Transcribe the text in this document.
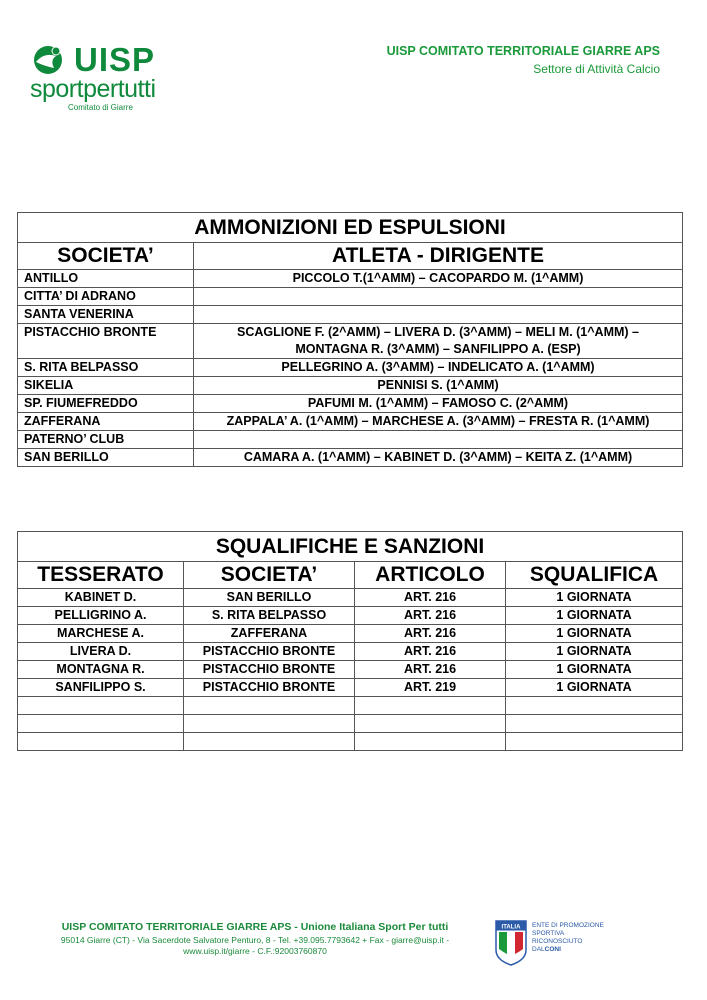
UISP
sportpertutti
Comitato di Giarre
UISP COMITATO TERRITORIALE GIARRE APS
Settore di Attività Calcio
AMMONIZIONI ED ESPULSIONI	
SOCIETA’	ATLETA - DIRIGENTE
ANTILLO	PICCOLO T.(1^AMM) – CACOPARDO M. (1^AMM)
CITTA’ DI ADRANO	
SANTA VENERINA	
PISTACCHIO BRONTE	SCAGLIONE F. (2^AMM) – LIVERA D. (3^AMM) – MELI M. (1^AMM) – MONTAGNA R. (3^AMM) – SANFILIPPO A. (ESP)
S. RITA BELPASSO	PELLEGRINO A. (3^AMM) – INDELICATO A. (1^AMM)
SIKELIA	PENNISI S. (1^AMM)
SP. FIUMEFREDDO	PAFUMI M. (1^AMM) – FAMOSO C. (2^AMM)
ZAFFERANA	ZAPPALA’ A. (1^AMM) – MARCHESE A. (3^AMM) – FRESTA R. (1^AMM)
PATERNO’ CLUB	
SAN BERILLO	CAMARA A. (1^AMM) – KABINET D. (3^AMM) – KEITA Z. (1^AMM)
SQUALIFICHE E SANZIONI			
TESSERATO	SOCIETA’	ARTICOLO	SQUALIFICA
KABINET D.	SAN BERILLO	ART. 216	1 GIORNATA
PELLIGRINO A.	S. RITA BELPASSO	ART. 216	1 GIORNATA
MARCHESE A.	ZAFFERANA	ART. 216	1 GIORNATA
LIVERA D.	PISTACCHIO BRONTE	ART. 216	1 GIORNATA
MONTAGNA R.	PISTACCHIO BRONTE	ART. 216	1 GIORNATA
SANFILIPPO S.	PISTACCHIO BRONTE	ART. 219	1 GIORNATA

UISP COMITATO TERRITORIALE GIARRE APS - Unione Italiana Sport Per tutti
95014 Giarre (CT) - Via Sacerdote Salvatore Penturo, 8 - Tel. +39.095.7793642 + Fax - giarre@uisp.it - www.uisp.it/giarre - C.F.:92003760870
ITALIA ENTE DI PROMOZIONE
SPORTIVA
RICONOSCIUTO
DALCONI
